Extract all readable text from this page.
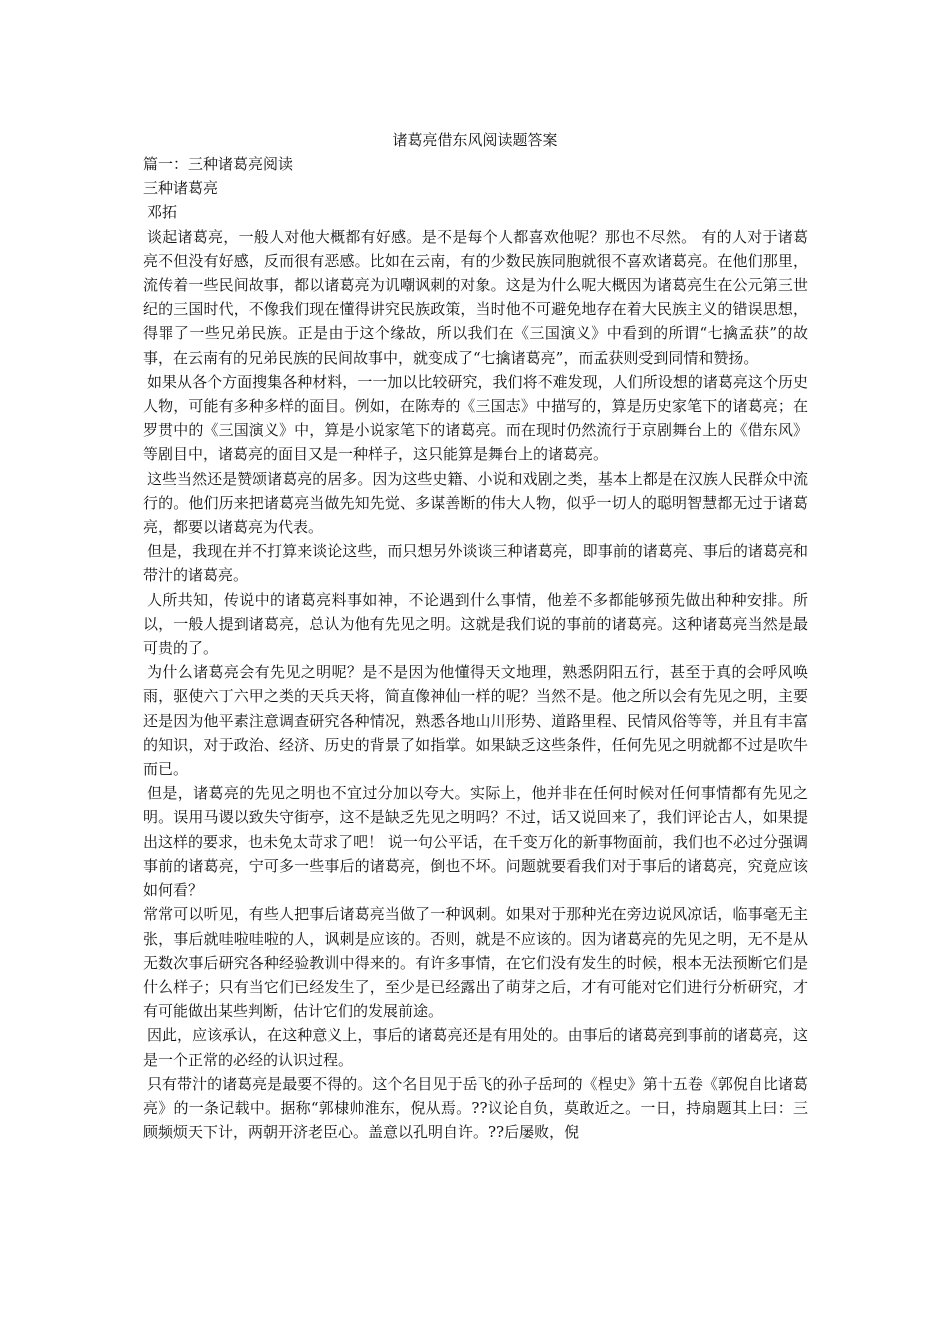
诸葛亮借东风阅读题答案
篇一：三种诸葛亮阅读
三种诸葛亮
邓拓

谈起诸葛亮，一般人对他大概都有好感。是不是每个人都喜欢他呢？那也不尽然。 有的人对于诸葛亮不但没有好感，反而很有恶感。比如在云南，有的少数民族同胞就很不喜欢诸葛亮。在他们那里，流传着一些民间故事，都以诸葛亮为讥嘲讽刺的对象。这是为什么呢大概因为诸葛亮生在公元第三世纪的三国时代，不像我们现在懂得讲究民族政策，当时他不可避免地存在着大民族主义的错误思想，得罪了一些兄弟民族。正是由于这个缘故，所以我们在《三国演义》中看到的所谓“七擒孟获”的故事，在云南有的兄弟民族的民间故事中，就变成了“七擒诸葛亮”，而孟获则受到同情和赞扬。

如果从各个方面搜集各种材料，一一加以比较研究，我们将不难发现，人们所设想的诸葛亮这个历史人物，可能有多种多样的面目。例如，在陈寿的《三国志》中描写的，算是历史家笔下的诸葛亮；在罗贯中的《三国演义》中，算是小说家笔下的诸葛亮。而在现时仍然流行于京剧舞台上的《借东风》等剧目中，诸葛亮的面目又是一种样子，这只能算是舞台上的诸葛亮。

这些当然还是赞颂诸葛亮的居多。因为这些史籍、小说和戏剧之类，基本上都是在汉族人民群众中流行的。他们历来把诸葛亮当做先知先觉、多谋善断的伟大人物，似乎一切人的聪明智慧都无过于诸葛亮，都要以诸葛亮为代表。

但是，我现在并不打算来谈论这些，而只想另外谈谈三种诸葛亮，即事前的诸葛亮、事后的诸葛亮和带汁的诸葛亮。

人所共知，传说中的诸葛亮料事如神，不论遇到什么事情，他差不多都能够预先做出种种安排。所以，一般人提到诸葛亮，总认为他有先见之明。这就是我们说的事前的诸葛亮。这种诸葛亮当然是最可贵的了。

为什么诸葛亮会有先见之明呢？是不是因为他懂得天文地理，熟悉阴阳五行，甚至于真的会呼风唤雨，驱使六丁六甲之类的天兵天将，简直像神仙一样的呢？当然不是。他之所以会有先见之明，主要还是因为他平素注意调查研究各种情况，熟悉各地山川形势、道路里程、民情风俗等等，并且有丰富的知识，对于政治、经济、历史的背景了如指掌。如果缺乏这些条件，任何先见之明就都不过是吹牛而已。

但是，诸葛亮的先见之明也不宜过分加以夸大。实际上，他并非在任何时候对任何事情都有先见之明。误用马谡以致失守街亭，这不是缺乏先见之明吗？不过，话又说回来了，我们评论古人，如果提出这样的要求，也未免太苛求了吧！ 说一句公平话，在千变万化的新事物面前，我们也不必过分强调事前的诸葛亮，宁可多一些事后的诸葛亮，倒也不坏。问题就要看我们对于事后的诸葛亮，究竟应该如何看？

常常可以听见，有些人把事后诸葛亮当做了一种讽刺。如果对于那种光在旁边说风凉话，临事毫无主张，事后就哇啦哇啦的人，讽刺是应该的。否则，就是不应该的。因为诸葛亮的先见之明，无不是从无数次事后研究各种经验教训中得来的。有许多事情，在它们没有发生的时候，根本无法预断它们是什么样子；只有当它们已经发生了，至少是已经露出了萌芽之后，才有可能对它们进行分析研究，才有可能做出某些判断，估计它们的发展前途。

因此，应该承认，在这种意义上，事后的诸葛亮还是有用处的。由事后的诸葛亮到事前的诸葛亮，这是一个正常的必经的认识过程。

只有带汁的诸葛亮是最要不得的。这个名目见于岳飞的孙子岳珂的《桯史》第十五卷《郭倪自比诸葛亮》的一条记载中。据称“郭棣帅淮东，倪从焉。??议论自负，莫敢近之。一日，持扇题其上曰：三顾频烦天下计，两朝开济老臣心。盖意以孔明自许。??后屡败，倪
